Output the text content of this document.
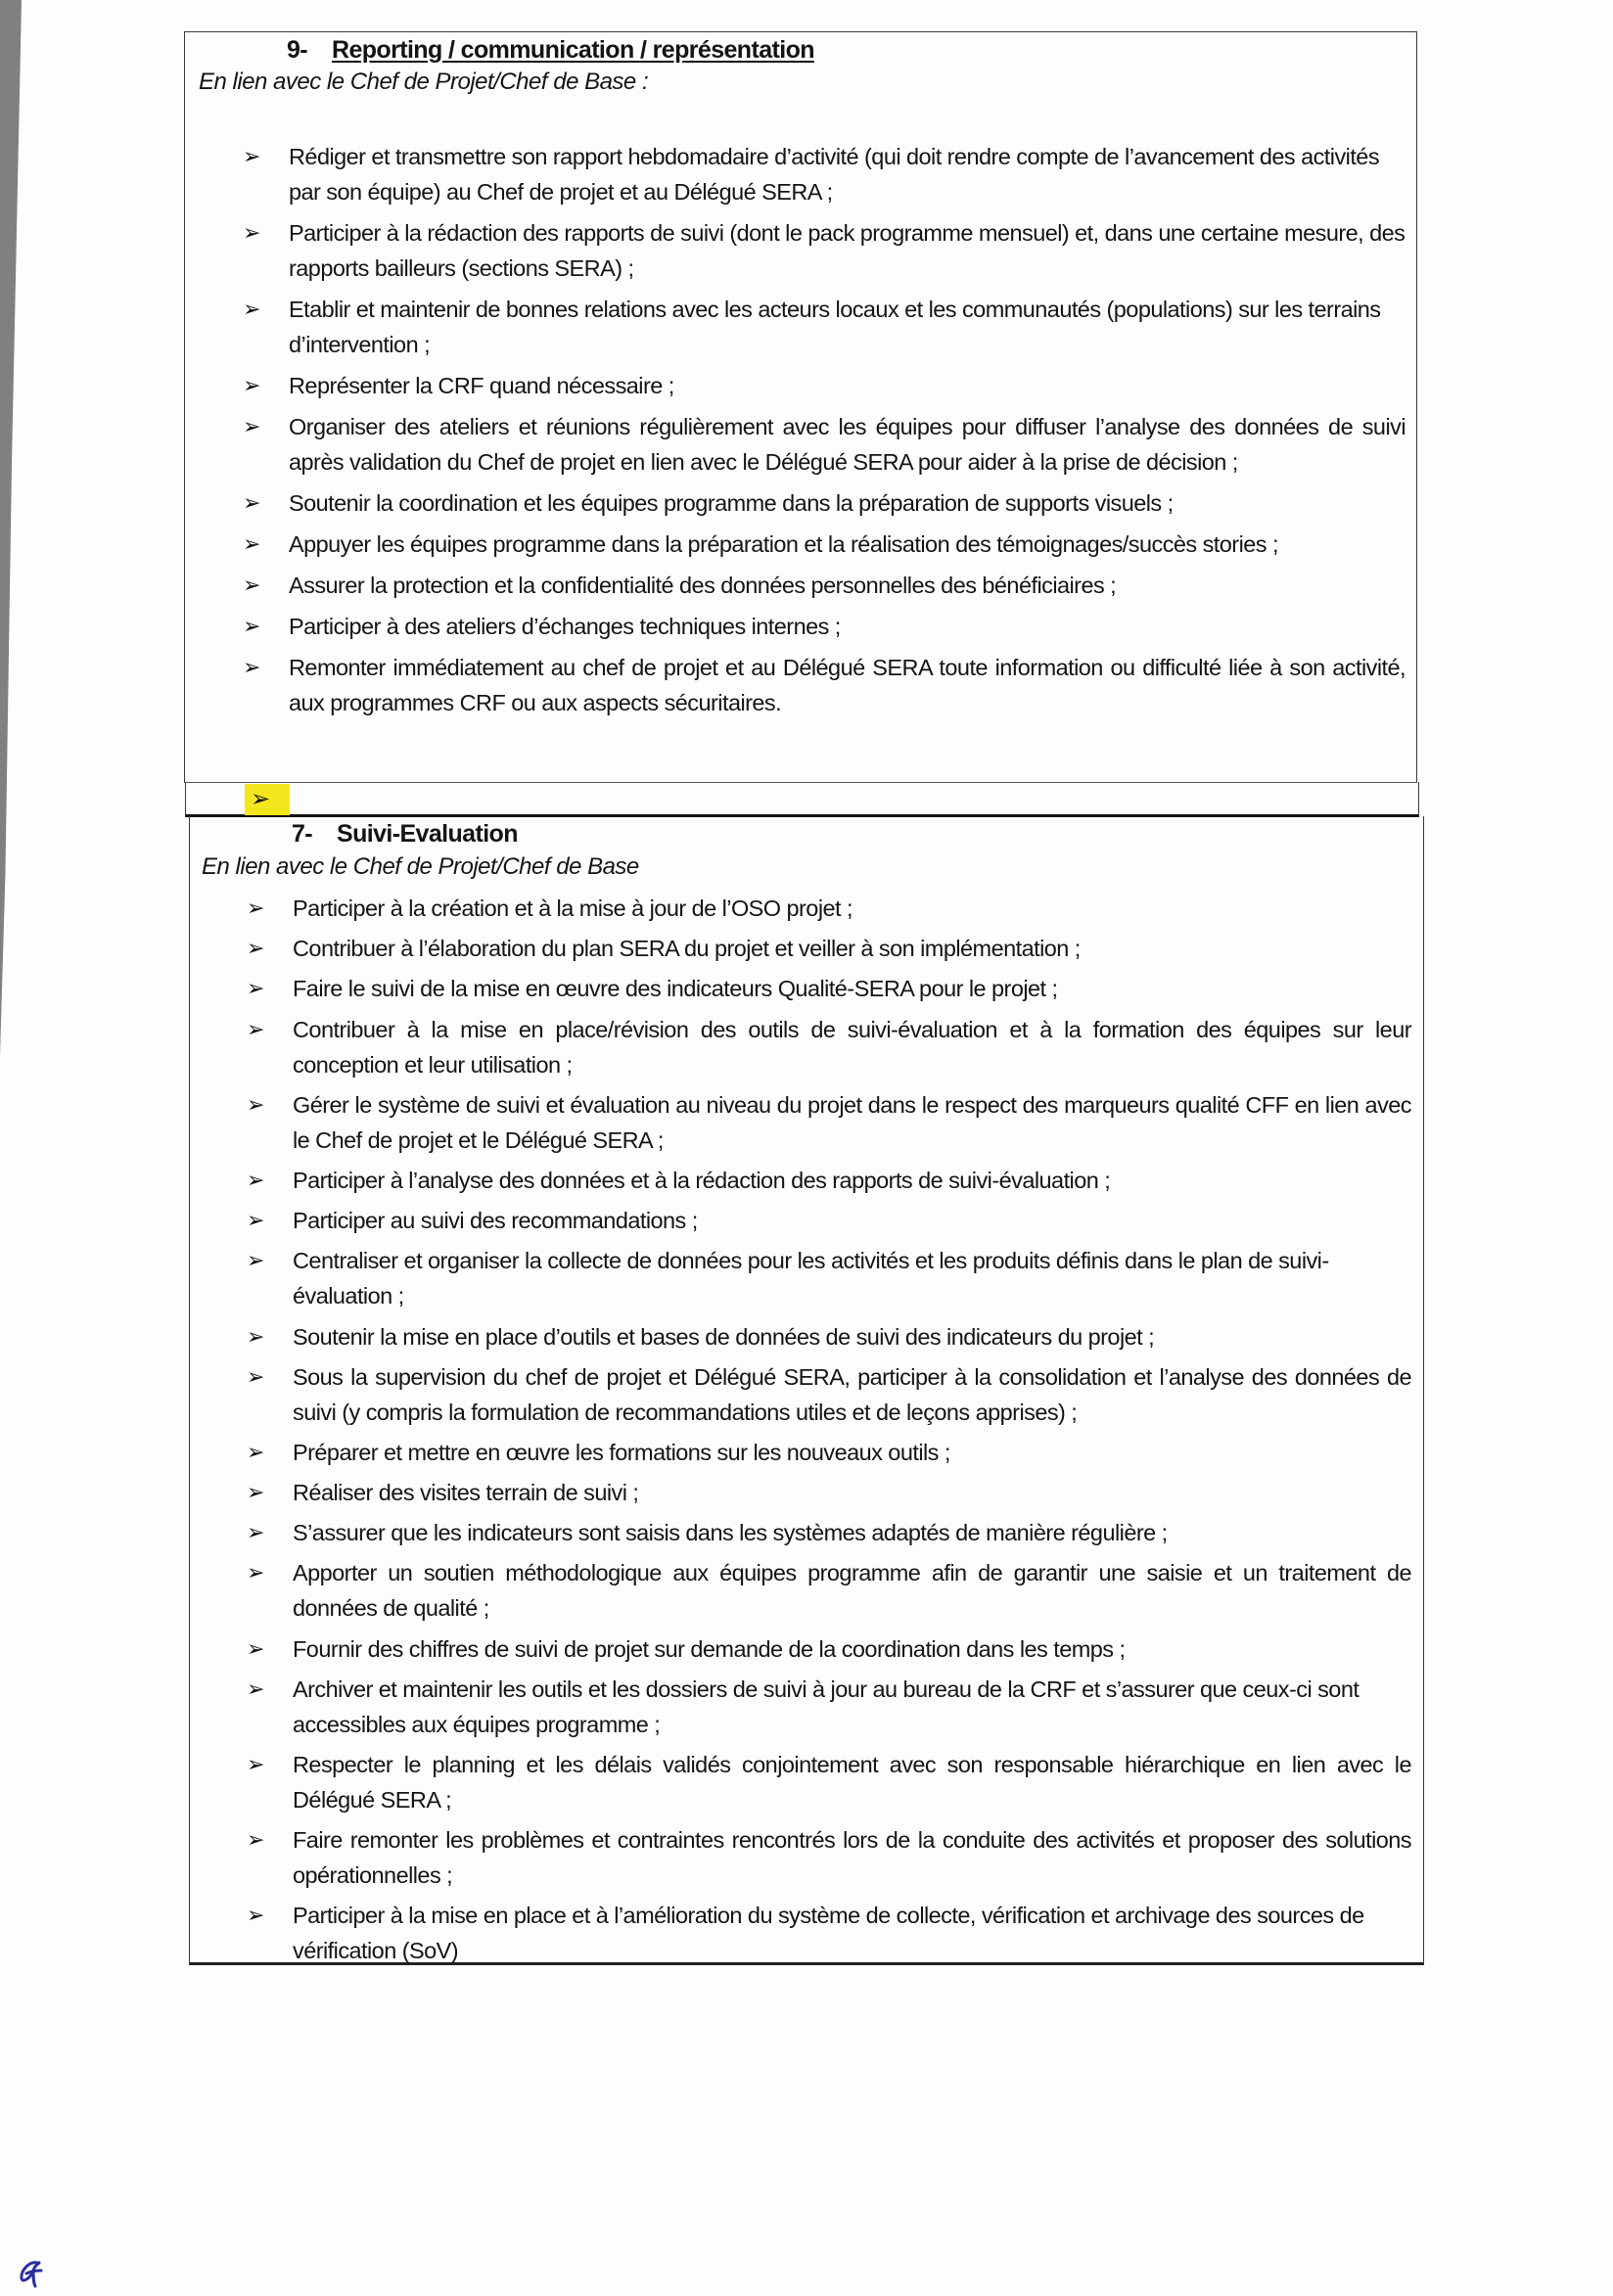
9- Reporting / communication / représentation
En lien avec le Chef de Projet/Chef de Base :
➢ Rédiger et transmettre son rapport hebdomadaire d’activité (qui doit rendre compte de l’avancement des activités par son équipe) au Chef de projet et au Délégué SERA ;
➢ Participer à la rédaction des rapports de suivi (dont le pack programme mensuel) et, dans une certaine mesure, des rapports bailleurs (sections SERA) ;
➢ Etablir et maintenir de bonnes relations avec les acteurs locaux et les communautés (populations) sur les terrains d’intervention ;
➢ Représenter la CRF quand nécessaire ;
➢ Organiser des ateliers et réunions régulièrement avec les équipes pour diffuser l’analyse des données de suivi après validation du Chef de projet en lien avec le Délégué SERA pour aider à la prise de décision ;
➢ Soutenir la coordination et les équipes programme dans la préparation de supports visuels ;
➢ Appuyer les équipes programme dans la préparation et la réalisation des témoignages/succès stories ;
➢ Assurer la protection et la confidentialité des données personnelles des bénéficiaires ;
➢ Participer à des ateliers d’échanges techniques internes ;
➢ Remonter immédiatement au chef de projet et au Délégué SERA toute information ou difficulté liée à son activité, aux programmes CRF ou aux aspects sécuritaires.
➢
7- Suivi-Evaluation
En lien avec le Chef de Projet/Chef de Base
➢ Participer à la création et à la mise à jour de l’OSO projet ;
➢ Contribuer à l’élaboration du plan SERA du projet et veiller à son implémentation ;
➢ Faire le suivi de la mise en œuvre des indicateurs Qualité-SERA pour le projet ;
➢ Contribuer à la mise en place/révision des outils de suivi-évaluation et à la formation des équipes sur leur conception et leur utilisation ;
➢ Gérer le système de suivi et évaluation au niveau du projet dans le respect des marqueurs qualité CFF en lien avec le Chef de projet et le Délégué SERA ;
➢ Participer à l’analyse des données et à la rédaction des rapports de suivi-évaluation ;
➢ Participer au suivi des recommandations ;
➢ Centraliser et organiser la collecte de données pour les activités et les produits définis dans le plan de suivi-évaluation ;
➢ Soutenir la mise en place d’outils et bases de données de suivi des indicateurs du projet ;
➢ Sous la supervision du chef de projet et Délégué SERA, participer à la consolidation et l’analyse des données de suivi (y compris la formulation de recommandations utiles et de leçons apprises) ;
➢ Préparer et mettre en œuvre les formations sur les nouveaux outils ;
➢ Réaliser des visites terrain de suivi ;
➢ S’assurer que les indicateurs sont saisis dans les systèmes adaptés de manière régulière ;
➢ Apporter un soutien méthodologique aux équipes programme afin de garantir une saisie et un traitement de données de qualité ;
➢ Fournir des chiffres de suivi de projet sur demande de la coordination dans les temps ;
➢ Archiver et maintenir les outils et les dossiers de suivi à jour au bureau de la CRF et s’assurer que ceux-ci sont accessibles aux équipes programme ;
➢ Respecter le planning et les délais validés conjointement avec son responsable hiérarchique en lien avec le Délégué SERA ;
➢ Faire remonter les problèmes et contraintes rencontrés lors de la conduite des activités et proposer des solutions opérationnelles ;
➢ Participer à la mise en place et à l’amélioration du système de collecte, vérification et archivage des sources de vérification (SoV)
